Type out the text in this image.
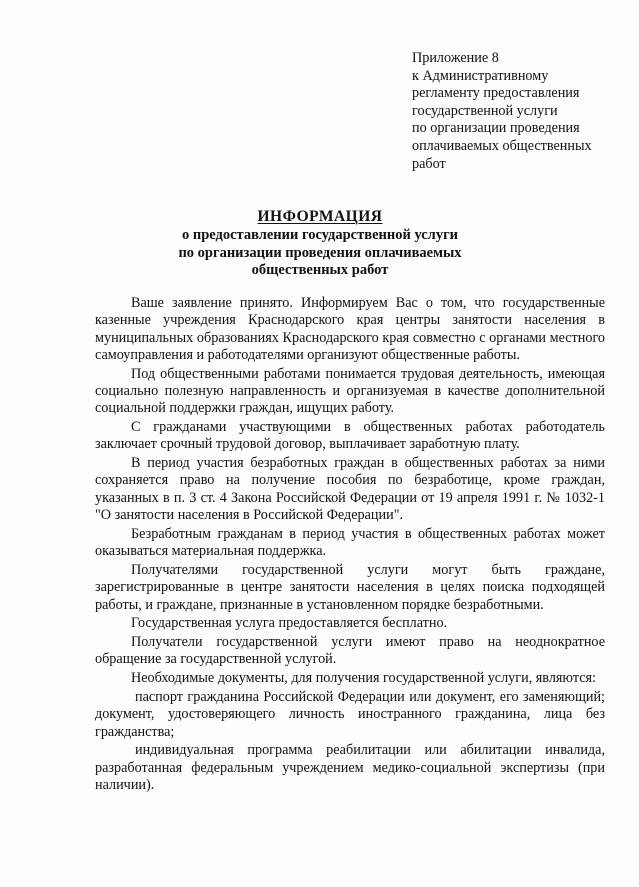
Приложение 8
к Административному
регламенту предоставления
государственной услуги
по организации проведения
оплачиваемых общественных
работ
ИНФОРМАЦИЯ
о предоставлении государственной услуги
по организации проведения оплачиваемых
общественных работ

Ваше заявление принято. Информируем Вас о том, что государственные казенные учреждения Краснодарского края центры занятости населения в муниципальных образованиях Краснодарского края совместно с органами местного самоуправления и работодателями организуют общественные работы.

Под общественными работами понимается трудовая деятельность, имеющая социально полезную направленность и организуемая в качестве дополнительной социальной поддержки граждан, ищущих работу.

С гражданами участвующими в общественных работах работодатель заключает срочный трудовой договор, выплачивает заработную плату.

В период участия безработных граждан в общественных работах за ними сохраняется право на получение пособия по безработице, кроме граждан, указанных в п. 3 ст. 4 Закона Российской Федерации от 19 апреля 1991 г. № 1032-1 "О занятости населения в Российской Федерации".

Безработным гражданам в период участия в общественных работах может оказываться материальная поддержка.

Получателями государственной услуги могут быть граждане, зарегистрированные в центре занятости населения в целях поиска подходящей работы, и граждане, признанные в установленном порядке безработными.

Государственная услуга предоставляется бесплатно.

Получатели государственной услуги имеют право на неоднократное обращение за государственной услугой.

Необходимые документы, для получения государственной услуги, являются:

паспорт гражданина Российской Федерации или документ, его заменяющий; документ, удостоверяющего личность иностранного гражданина, лица без гражданства;

индивидуальная программа реабилитации или абилитации инвалида, разработанная федеральным учреждением медико-социальной экспертизы (при наличии).
